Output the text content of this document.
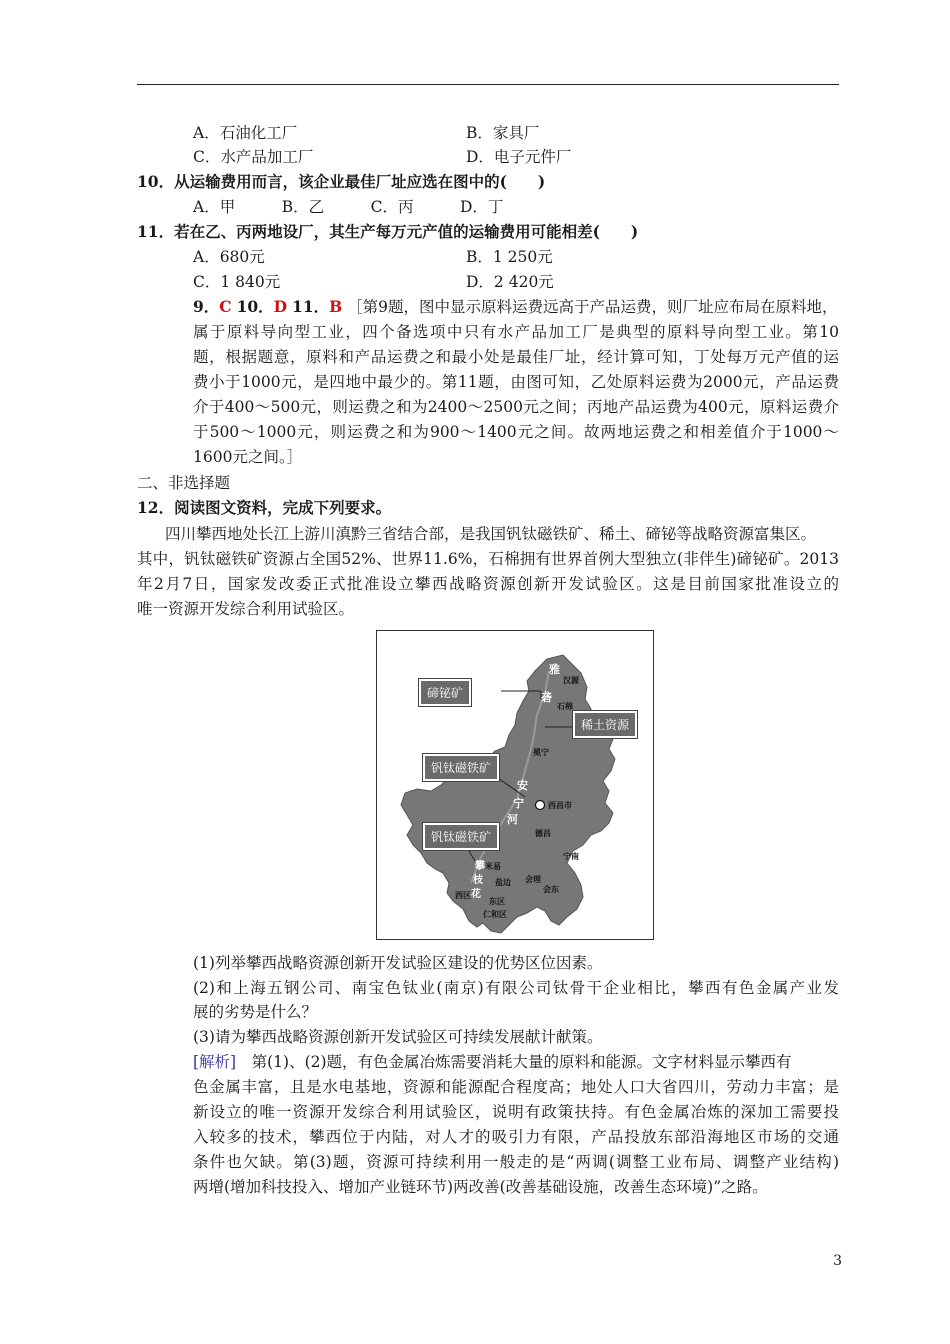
A．石油化工厂	B．家具厂
C．水产品加工厂	D．电子元件厂
10．从运输费用而言，该企业最佳厂址应选在图中的(　　)
A．甲　　　B．乙　　　C．丙　　　D．丁
11．若在乙、丙两地设厂，其生产每万元产值的运输费用可能相差(　　)
A．680元	B．1 250元
C．1 840元	D．2 420元
9．C 10．D 11．B ［第9题，图中显示原料运费远高于产品运费，则厂址应布局在原料地，
属于原料导向型工业，四个备选项中只有水产品加工厂是典型的原料导向型工业。第10
题，根据题意，原料和产品运费之和最小处是最佳厂址，经计算可知，丁处每万元产值的运
费小于1000元，是四地中最少的。第11题，由图可知，乙处原料运费为2000元，产品运费
介于400～500元，则运费之和为2400～2500元之间；丙地产品运费为400元，原料运费介
于500～1000元，则运费之和为900～1400元之间。故两地运费之和相差值介于1000～
1600元之间。］
二、非选择题
12．阅读图文资料，完成下列要求。
四川攀西地处长江上游川滇黔三省结合部，是我国钒钛磁铁矿、稀土、碲铋等战略资源富集区。
其中，钒钛磁铁矿资源占全国52%、世界11.6%，石棉拥有世界首例大型独立(非伴生)碲铋矿。2013
年2月7日，国家发改委正式批准设立攀西战略资源创新开发试验区。这是目前国家批准设立的
唯一资源开发综合利用试验区。
碲铋矿
稀土资源
钒钛磁铁矿
钒钛磁铁矿
汉源
石棉
冕宁
西昌市
德昌
宁南
米易
盐边 会理
会东
西区
东区
仁和区
雅
砻
安
宁
河
攀
枝
花
(1)列举攀西战略资源创新开发试验区建设的优势区位因素。
(2)和上海五钢公司、南宝色钛业(南京)有限公司钛骨干企业相比，攀西有色金属产业发
展的劣势是什么？
(3)请为攀西战略资源创新开发试验区可持续发展献计献策。
[解析]　第(1)、(2)题，有色金属冶炼需要消耗大量的原料和能源。文字材料显示攀西有
色金属丰富，且是水电基地，资源和能源配合程度高；地处人口大省四川，劳动力丰富；是
新设立的唯一资源开发综合利用试验区，说明有政策扶持。有色金属冶炼的深加工需要投
入较多的技术，攀西位于内陆，对人才的吸引力有限，产品投放东部沿海地区市场的交通
条件也欠缺。第(3)题，资源可持续利用一般走的是“两调(调整工业布局、调整产业结构)
两增(增加科技投入、增加产业链环节)两改善(改善基础设施，改善生态环境)”之路。
3
